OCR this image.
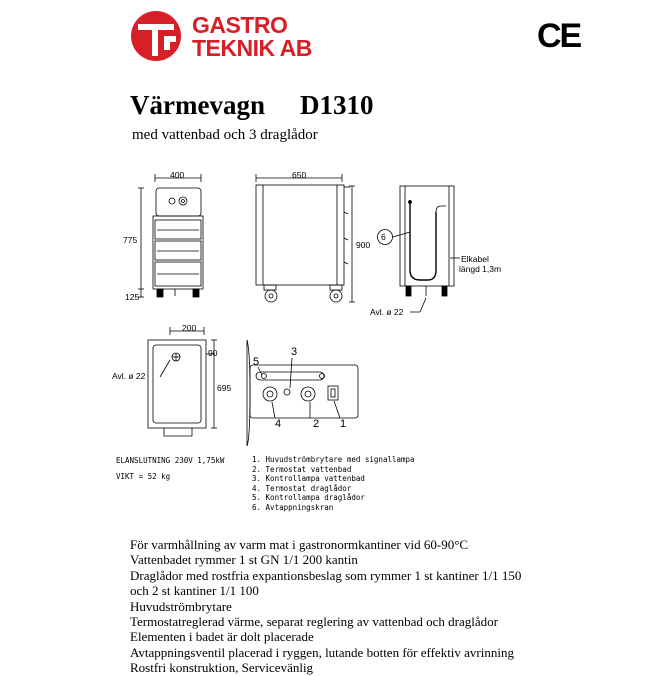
GASTRO
TEKNIK AB	CE
Värmevagn D1310
med vattenbad och 3 draglådor
400
775
125
650
900
6
Elkabel
längd 1,3m
Avl. ø 22
200
90
695
Avl. ø 22
5
3
4	2 1
ELANSLUTNING 230V 1,75kW
VIKT = 52 kg
1. Huvudströmbrytare med signallampa
2. Termostat vattenbad
3. Kontrollampa vattenbad
4. Termostat draglådor
5. Kontrollampa draglådor
6. Avtappningskran
För varmhållning av varm mat i gastronormkantiner vid 60-90°C
Vattenbadet rymmer 1 st GN 1/1 200 kantin
Draglådor med rostfria expantionsbeslag som rymmer 1 st kantiner 1/1 150
och 2 st kantiner 1/1 100
Huvudströmbrytare
Termostatreglerad värme, separat reglering av vattenbad och draglådor
Elementen i badet är dolt placerade
Avtappningsventil placerad i ryggen, lutande botten för effektiv avrinning
Rostfri konstruktion, Servicevänlig
